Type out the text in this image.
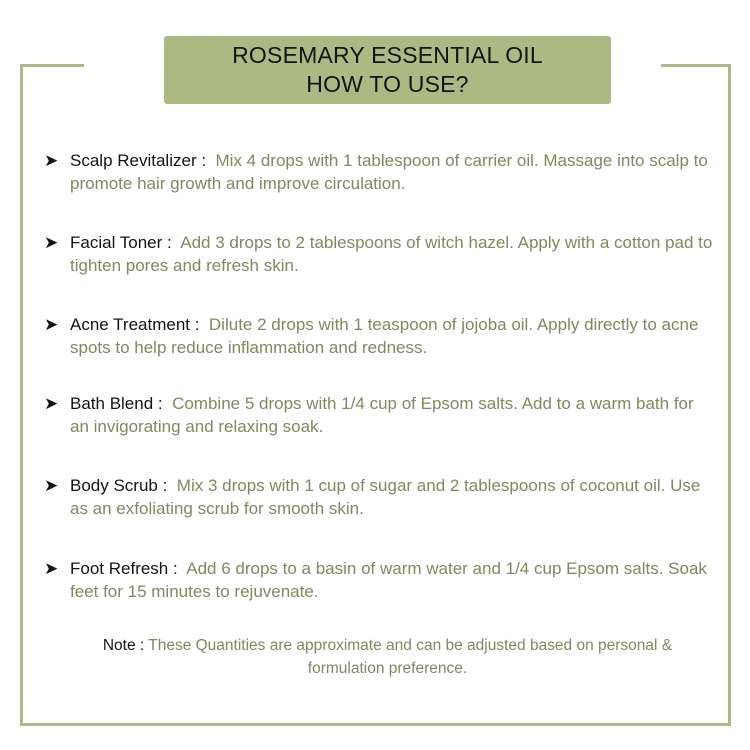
ROSEMARY ESSENTIAL OIL
HOW TO USE?
➤ Scalp Revitalizer : Mix 4 drops with 1 tablespoon of carrier oil. Massage into scalp to promote hair growth and improve circulation.
➤ Facial Toner : Add 3 drops to 2 tablespoons of witch hazel. Apply with a cotton pad to tighten pores and refresh skin.
➤ Acne Treatment : Dilute 2 drops with 1 teaspoon of jojoba oil. Apply directly to acne spots to help reduce inflammation and redness.
➤ Bath Blend : Combine 5 drops with 1/4 cup of Epsom salts. Add to a warm bath for an invigorating and relaxing soak.
➤ Body Scrub : Mix 3 drops with 1 cup of sugar and 2 tablespoons of coconut oil. Use as an exfoliating scrub for smooth skin.
➤ Foot Refresh : Add 6 drops to a basin of warm water and 1/4 cup Epsom salts. Soak feet for 15 minutes to rejuvenate.
Note : These Quantities are approximate and can be adjusted based on personal & formulation preference.
